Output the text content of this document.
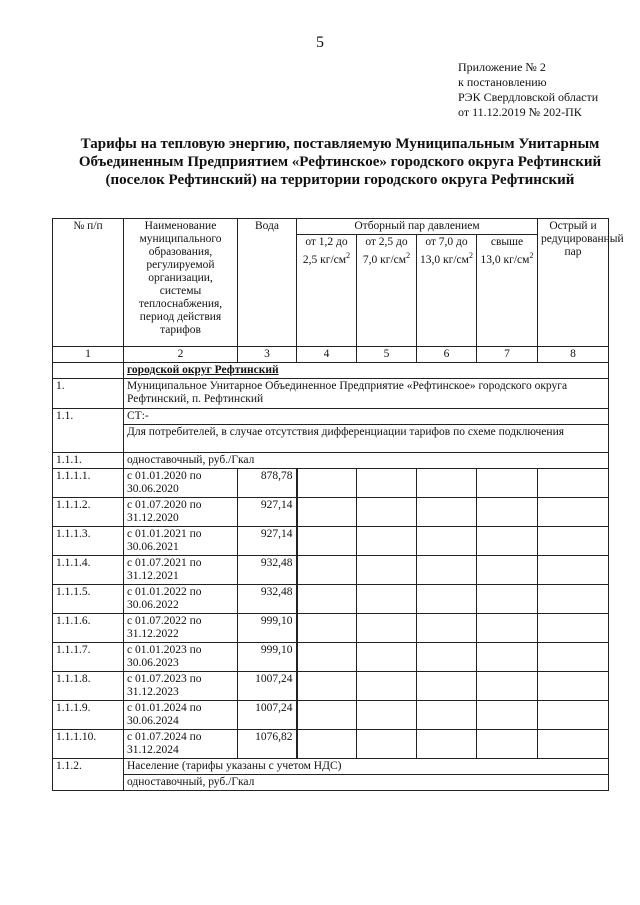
5
Приложение № 2
к постановлению
РЭК Свердловской области
от 11.12.2019 № 202-ПК
Тарифы на тепловую энергию, поставляемую Муниципальным Унитарным
Объединенным Предприятием «Рефтинское» городского округа Рефтинский
(поселок Рефтинский) на территории городского округа Рефтинский
№ п/п	Наименование муниципального образования, регулируемой организации, системы теплоснабжения, период действия тарифов	Вода	Отборный пар давлением				Острый и редуцированный пар
			от 1,2 до 2,5 $кг/см^2$	от 2,5 до 7,0 $кг/см^2$	от 7,0 до 13,0 $кг/см^2$	свыше 13,0 $кг/см^2$
1	2	3	4	5	6	7	8
	городской округ Рефтинский						
1.	Муниципальное Унитарное Объединенное Предприятие «Рефтинское» городского округа Рефтинский, п. Рефтинский						
1.1.	СТ:-						
	Для потребителей, в случае отсутствия дифференциации тарифов по схеме подключения						
1.1.1.	одноставочный, руб./Гкал						
1.1.1.1.	с 01.01.2020 по 30.06.2020	878,78					
1.1.1.2.	с 01.07.2020 по 31.12.2020	927,14					
1.1.1.3.	с 01.01.2021 по 30.06.2021	927,14					
1.1.1.4.	с 01.07.2021 по 31.12.2021	932,48					
1.1.1.5.	с 01.01.2022 по 30.06.2022	932,48					
1.1.1.6.	с 01.07.2022 по 31.12.2022	999,10					
1.1.1.7.	с 01.01.2023 по 30.06.2023	999,10					
1.1.1.8.	с 01.07.2023 по 31.12.2023	1007,24					
1.1.1.9.	с 01.01.2024 по 30.06.2024	1007,24					
1.1.1.10.	с 01.07.2024 по 31.12.2024	1076,82					
1.1.2.	Население (тарифы указаны с учетом НДС)						
	одноставочный, руб./Гкал						
